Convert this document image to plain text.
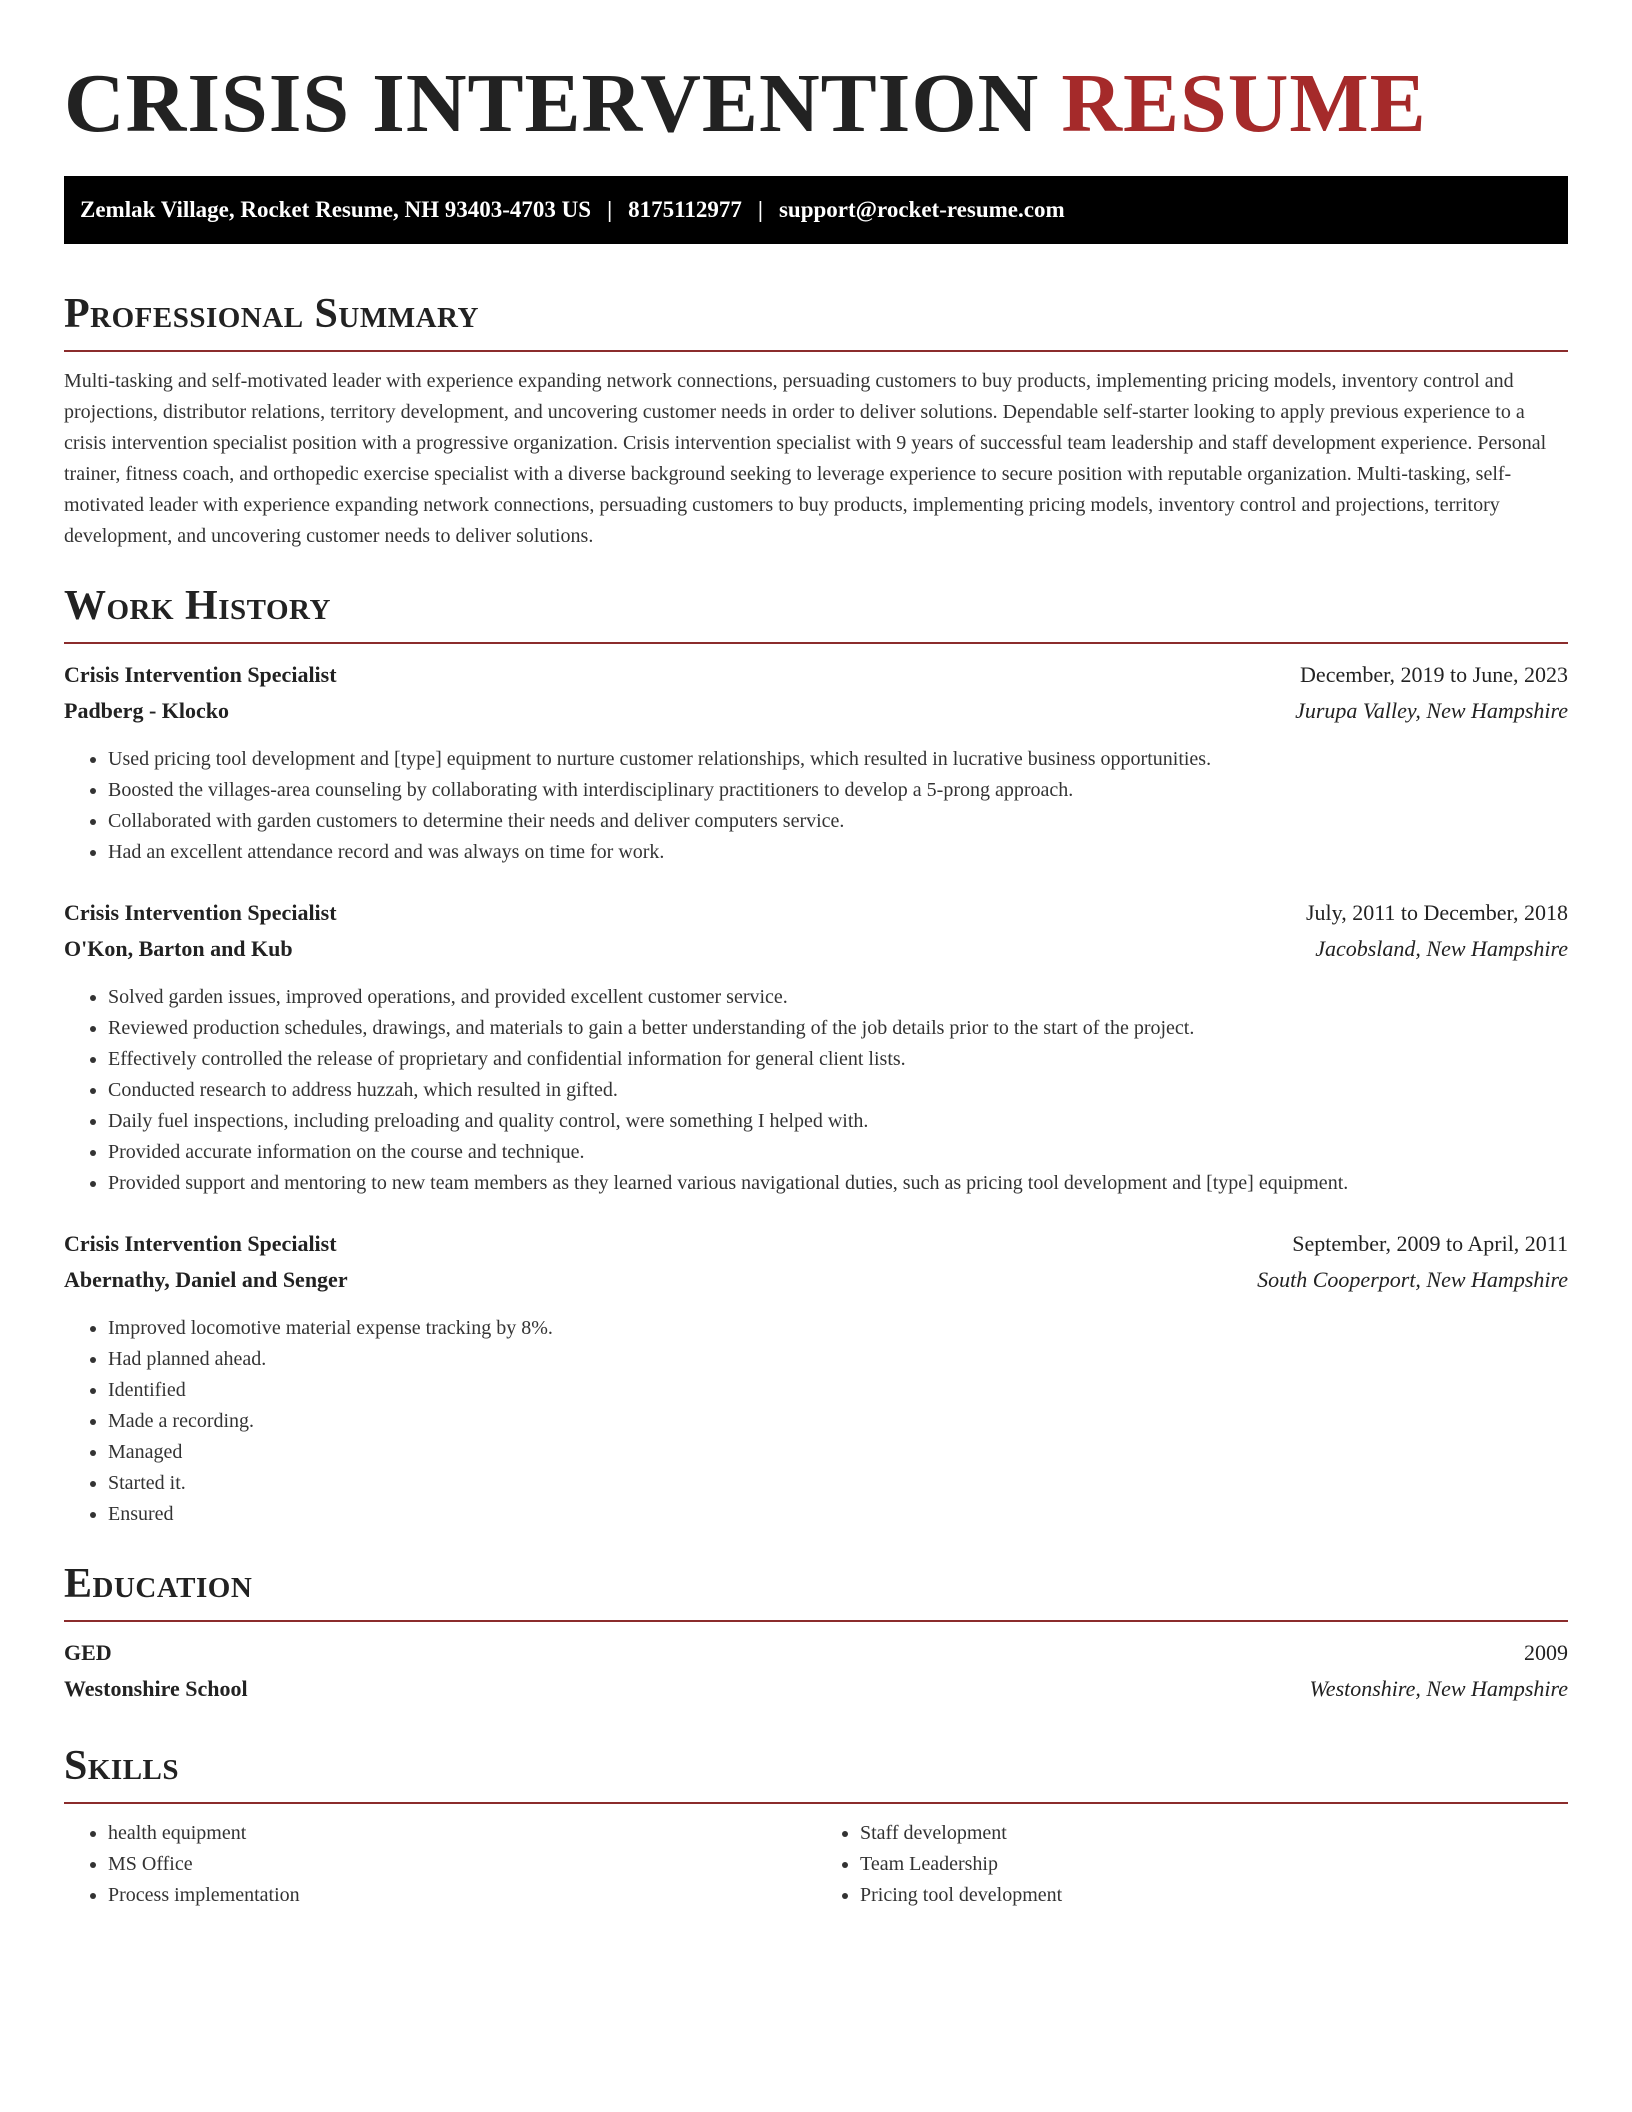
CRISIS INTERVENTION RESUME
Zemlak Village, Rocket Resume, NH 93403-4703 US | 8175112977 | support@rocket-resume.com
Professional Summary

Multi-tasking and self-motivated leader with experience expanding network connections, persuading customers to buy products, implementing pricing models, inventory control and projections, distributor relations, territory development, and uncovering customer needs in order to deliver solutions. Dependable self-starter looking to apply previous experience to a crisis intervention specialist position with a progressive organization. Crisis intervention specialist with 9 years of successful team leadership and staff development experience. Personal trainer, fitness coach, and orthopedic exercise specialist with a diverse background seeking to leverage experience to secure position with reputable organization. Multi-tasking, self-motivated leader with experience expanding network connections, persuading customers to buy products, implementing pricing models, inventory control and projections, territory development, and uncovering customer needs to deliver solutions.

Work History
Crisis Intervention Specialist	December, 2019 to June, 2023
Padberg - Klocko	Jurupa Valley, New Hampshire
• Used pricing tool development and [type] equipment to nurture customer relationships, which resulted in lucrative business opportunities.
• Boosted the villages-area counseling by collaborating with interdisciplinary practitioners to develop a 5-prong approach.
• Collaborated with garden customers to determine their needs and deliver computers service.
• Had an excellent attendance record and was always on time for work.
Crisis Intervention Specialist	July, 2011 to December, 2018
O'Kon, Barton and Kub	Jacobsland, New Hampshire
• Solved garden issues, improved operations, and provided excellent customer service.
• Reviewed production schedules, drawings, and materials to gain a better understanding of the job details prior to the start of the project.
• Effectively controlled the release of proprietary and confidential information for general client lists.
• Conducted research to address huzzah, which resulted in gifted.
• Daily fuel inspections, including preloading and quality control, were something I helped with.
• Provided accurate information on the course and technique.
• Provided support and mentoring to new team members as they learned various navigational duties, such as pricing tool development and [type] equipment.
Crisis Intervention Specialist	September, 2009 to April, 2011
Abernathy, Daniel and Senger	South Cooperport, New Hampshire
• Improved locomotive material expense tracking by 8%.
• Had planned ahead.
• Identified
• Made a recording.
• Managed
• Started it.
• Ensured
Education
GED	2009
Westonshire School	Westonshire, New Hampshire
Skills
• health equipment
• MS Office
• Process implementation
• Staff development
• Team Leadership
• Pricing tool development
